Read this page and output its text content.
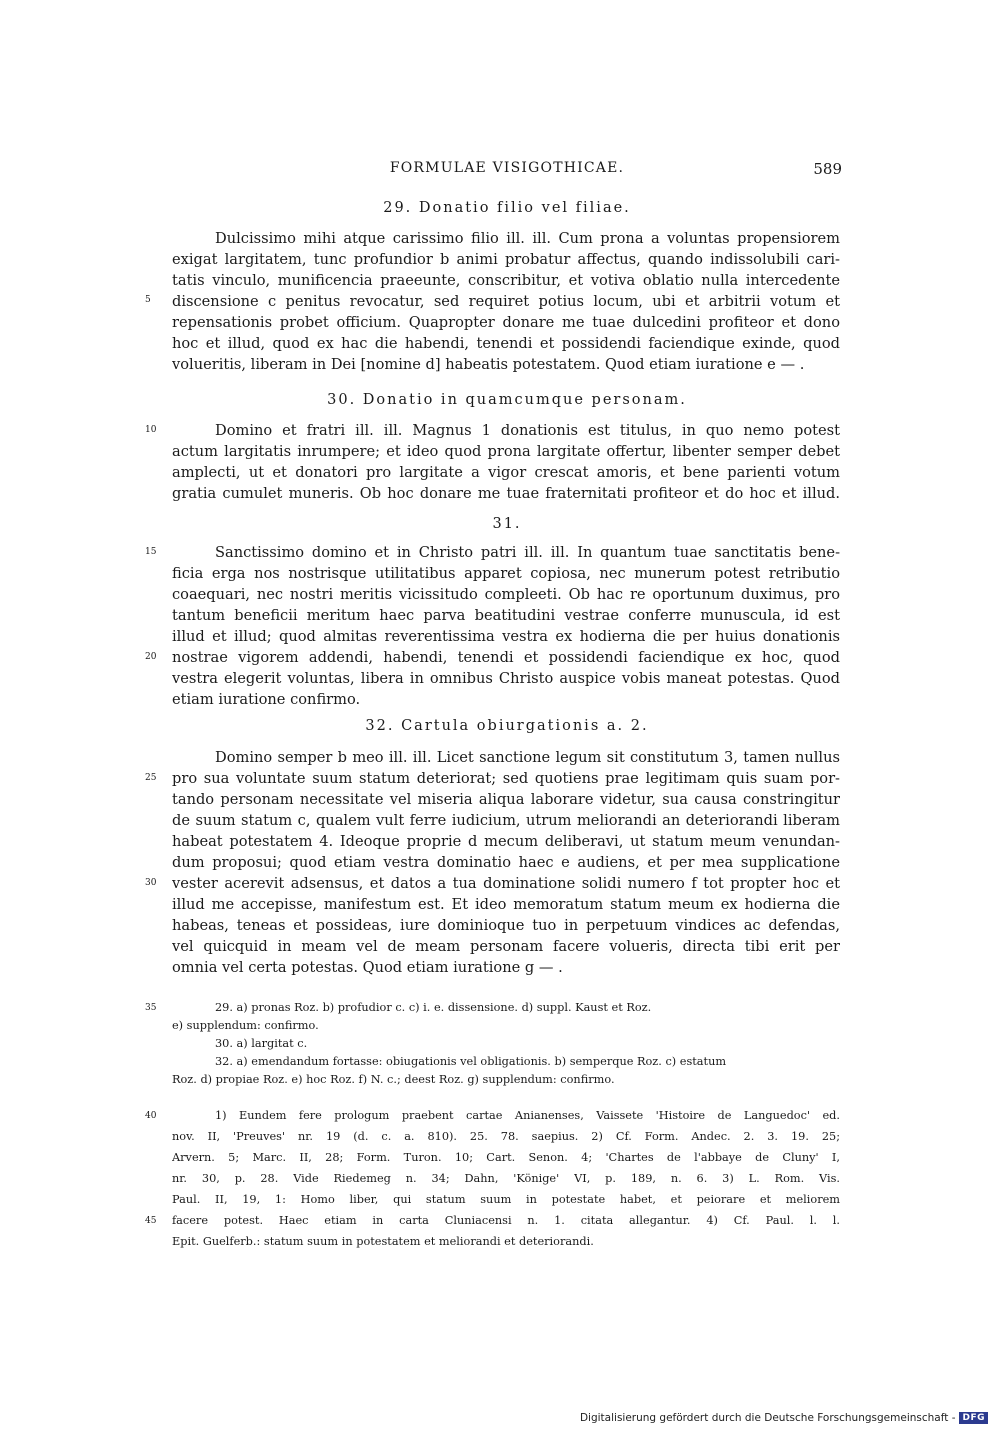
FORMULAE VISIGOTHICAE.	589
29. Donatio filio vel filiae.
Dulcissimo mihi atque carissimo filio ill. ill. Cum prona a voluntas propensiorem
exigat largitatem, tunc profundior b animi probatur affectus, quando indissolubili cari-
tatis vinculo, munificencia praeeunte, conscribitur, et votiva oblatio nulla intercedente
5	discensione c penitus revocatur, sed requiret potius locum, ubi et arbitrii votum et
repensationis probet officium. Quapropter donare me tuae dulcedini profiteor et dono
hoc et illud, quod ex hac die habendi, tenendi et possidendi faciendique exinde, quod
volueritis, liberam in Dei [nomine d] habeatis potestatem. Quod etiam iuratione e — .
30. Donatio in quamcumque personam.
10	Domino et fratri ill. ill. Magnus 1 donationis est titulus, in quo nemo potest
actum largitatis inrumpere; et ideo quod prona largitate offertur, libenter semper debet
amplecti, ut et donatori pro largitate a vigor crescat amoris, et bene parienti votum
gratia cumulet muneris. Ob hoc donare me tuae fraternitati profiteor et do hoc et illud.
31.
15	Sanctissimo domino et in Christo patri ill. ill. In quantum tuae sanctitatis bene-
ficia erga nos nostrisque utilitatibus apparet copiosa, nec munerum potest retributio
coaequari, nec nostri meritis vicissitudo compleeti. Ob hac re oportunum duximus, pro
tantum beneficii meritum haec parva beatitudini vestrae conferre munuscula, id est
illud et illud; quod almitas reverentissima vestra ex hodierna die per huius donationis
20	nostrae vigorem addendi, habendi, tenendi et possidendi faciendique ex hoc, quod
vestra elegerit voluntas, libera in omnibus Christo auspice vobis maneat potestas. Quod
etiam iuratione confirmo.
32. Cartula obiurgationis a. 2.
Domino semper b meo ill. ill. Licet sanctione legum sit constitutum 3, tamen nullus
25	pro sua voluntate suum statum deteriorat; sed quotiens prae legitimam quis suam por-
tando personam necessitate vel miseria aliqua laborare videtur, sua causa constringitur
de suum statum c, qualem vult ferre iudicium, utrum meliorandi an deteriorandi liberam
habeat potestatem 4. Ideoque proprie d mecum deliberavi, ut statum meum venundan-
dum proposui; quod etiam vestra dominatio haec e audiens, et per mea supplicatione
30	vester acerevit adsensus, et datos a tua dominatione solidi numero f tot propter hoc et
illud me accepisse, manifestum est. Et ideo memoratum statum meum ex hodierna die
habeas, teneas et possideas, iure dominioque tuo in perpetuum vindices ac defendas,
vel quicquid in meam vel de meam personam facere volueris, directa tibi erit per
omnia vel certa potestas. Quod etiam iuratione g — .
35	29. a) pronas Roz. b) profudior c. c) i. e. dissensione. d) suppl. Kaust et Roz.
e) supplendum: confirmo.
30. a) largitat c.
32. a) emendandum fortasse: obiugationis vel obligationis. b) semperque Roz. c) estatum
Roz. d) propiae Roz. e) hoc Roz. f) N. c.; deest Roz. g) supplendum: confirmo.
40	1) Eundem fere prologum praebent cartae Anianenses, Vaissete 'Histoire de Languedoc' ed.
nov. II, 'Preuves' nr. 19 (d. c. a. 810). 25. 78. saepius. 2) Cf. Form. Andec. 2. 3. 19. 25;
Arvern. 5; Marc. II, 28; Form. Turon. 10; Cart. Senon. 4; 'Chartes de l'abbaye de Cluny' I,
nr. 30, p. 28. Vide Riedemeg n. 34; Dahn, 'Könige' VI, p. 189, n. 6. 3) L. Rom. Vis.
Paul. II, 19, 1: Homo liber, qui statum suum in potestate habet, et peiorare et meliorem
45	facere potest. Haec etiam in carta Cluniacensi n. 1. citata allegantur. 4) Cf. Paul. l. l.
Epit. Guelferb.: statum suum in potestatem et meliorandi et deteriorandi.
Digitalisierung gefördert durch die Deutsche Forschungsgemeinschaft - DFG
